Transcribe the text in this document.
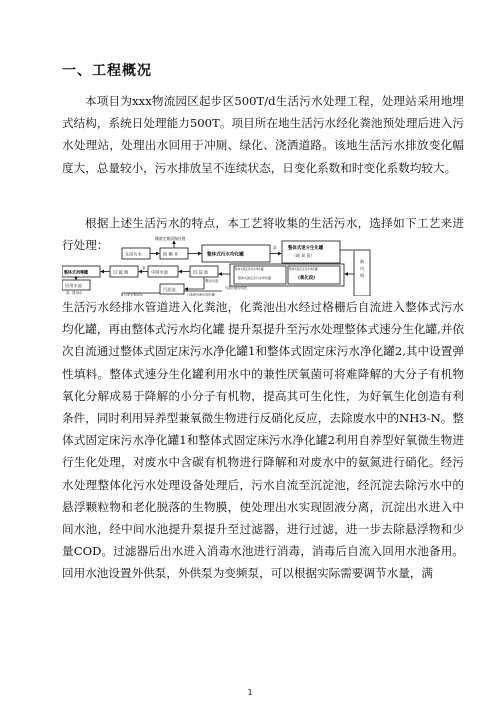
一、工程概况
本项目为xxx物流园区起步区500T/d生活污水处理工程，处理站采用地埋式结构，系统日处理能力500T。项目所在地生活污水经化粪池预处理后进入污水处理站，处理出水回用于冲厕、绿化、浇洒道路。该地生活污水排放变化幅度大，总量较小，污水排放呈不连续状态，日变化系数和时变化系数均较大。
根据上述生活污水的特点，本工艺将收集的生活污水，选择如下工艺来进行处理：	栅渣定期清掏处理
生活污水	格 栅 井	整体式污水均化罐
泵	整体式速分生化罐
（缺 氧 段）
鼓
风
机
整体式固定床污水净化罐	整体式固定床污水净化罐
(氧化段)
整体式固定床污水净化罐
整体式消毒罐	过 滤 器
泵
中间水池	沉 淀 池
回用水池
泵 回用水
污泥池
剩余污泥
污泥回流至均化
上清液回流至均化罐
污泥定期清运
生活污水经排水管道进入化粪池，化粪池出水经过格栅后自流进入整体式污水均化罐，再由整体式污水均化罐 提升泵提升至污水处理整体式速分生化罐,并依次自流通过整体式固定床污水净化罐1和整体式固定床污水净化罐2,其中设置弹性填料。整体式速分生化罐利用水中的兼性厌氧菌可将难降解的大分子有机物氧化分解成易于降解的小分子有机物，提高其可生化性，为好氧生化创造有利条件，同时利用异养型兼氧微生物进行反硝化反应，去除废水中的NH3-N。整体式固定床污水净化罐1和整体式固定床污水净化罐2利用自养型好氧微生物进行生化处理，对废水中含碳有机物进行降解和对废水中的氨氮进行硝化。经污水处理整体化污水处理设备处理后，污水自流至沉淀池，经沉淀去除污水中的悬浮颗粒物和老化脱落的生物膜，使处理出水实现固液分离，沉淀出水进入中间水池，经中间水池提升泵提升至过滤器，进行过滤，进一步去除悬浮物和少量COD。过滤器后出水进入消毒水池进行消毒，消毒后自流入回用水池备用。回用水池设置外供泵，外供泵为变频泵，可以根据实际需要调节水量，满
1
